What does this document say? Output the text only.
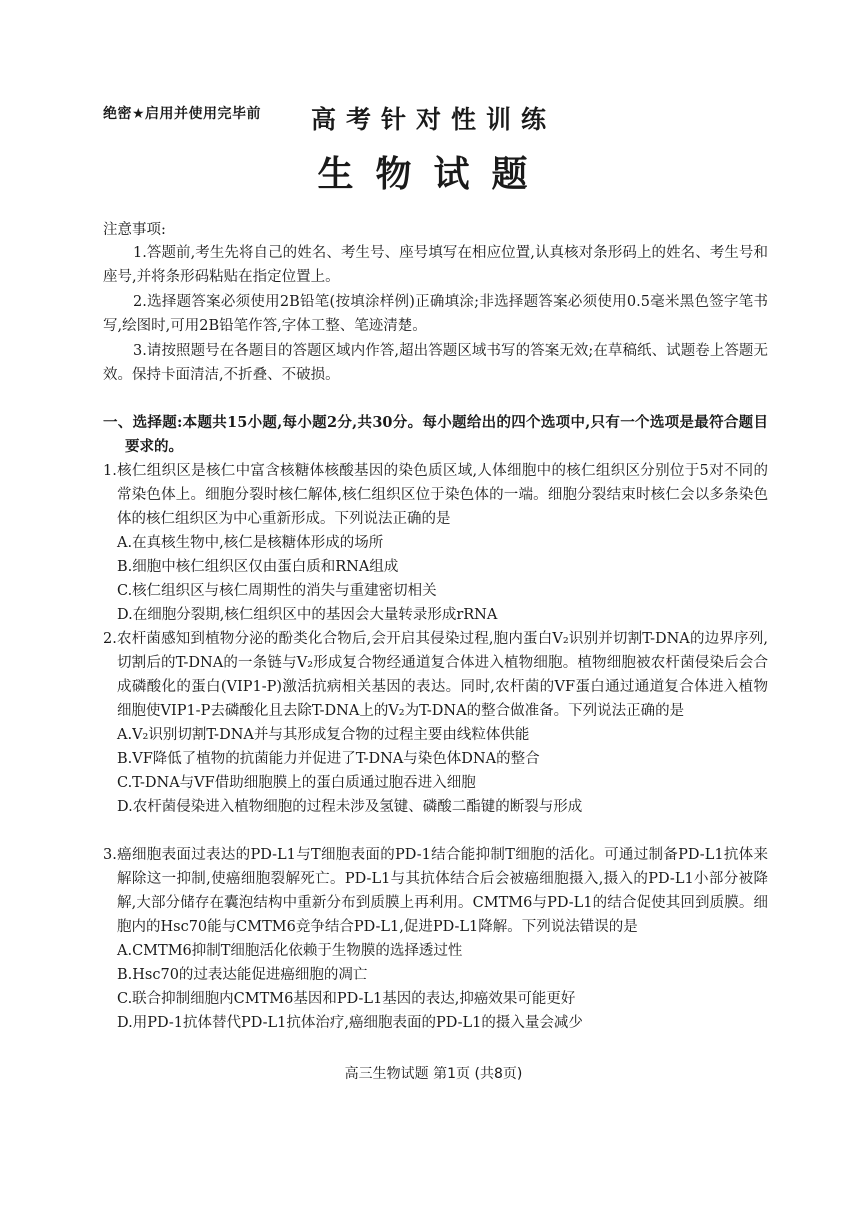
绝密★启用并使用完毕前	高考针对性训练
生物试题
注意事项:
1.答题前,考生先将自己的姓名、考生号、座号填写在相应位置,认真核对条形码上的姓名、考生号和座号,并将条形码粘贴在指定位置上。
2.选择题答案必须使用2B铅笔(按填涂样例)正确填涂;非选择题答案必须使用0.5毫米黑色签字笔书写,绘图时,可用2B铅笔作答,字体工整、笔迹清楚。
3.请按照题号在各题目的答题区域内作答,超出答题区域书写的答案无效;在草稿纸、试题卷上答题无效。保持卡面清洁,不折叠、不破损。
一、选择题:本题共15小题,每小题2分,共30分。每小题给出的四个选项中,只有一个选项是最符合题目要求的。
1.核仁组织区是核仁中富含核糖体核酸基因的染色质区域,人体细胞中的核仁组织区分别位于5对不同的常染色体上。细胞分裂时核仁解体,核仁组织区位于染色体的一端。细胞分裂结束时核仁会以多条染色体的核仁组织区为中心重新形成。下列说法正确的是
A.在真核生物中,核仁是核糖体形成的场所
B.细胞中核仁组织区仅由蛋白质和RNA组成
C.核仁组织区与核仁周期性的消失与重建密切相关
D.在细胞分裂期,核仁组织区中的基因会大量转录形成rRNA
2.农杆菌感知到植物分泌的酚类化合物后,会开启其侵染过程,胞内蛋白V₂识别并切割T-DNA的边界序列,切割后的T-DNA的一条链与V₂形成复合物经通道复合体进入植物细胞。植物细胞被农杆菌侵染后会合成磷酸化的蛋白(VIP1-P)激活抗病相关基因的表达。同时,农杆菌的VF蛋白通过通道复合体进入植物细胞使VIP1-P去磷酸化且去除T-DNA上的V₂为T-DNA的整合做准备。下列说法正确的是
A.V₂识别切割T-DNA并与其形成复合物的过程主要由线粒体供能
B.VF降低了植物的抗菌能力并促进了T-DNA与染色体DNA的整合
C.T-DNA与VF借助细胞膜上的蛋白质通过胞吞进入细胞
D.农杆菌侵染进入植物细胞的过程未涉及氢键、磷酸二酯键的断裂与形成
3.癌细胞表面过表达的PD-L1与T细胞表面的PD-1结合能抑制T细胞的活化。可通过制备PD-L1抗体来解除这一抑制,使癌细胞裂解死亡。PD-L1与其抗体结合后会被癌细胞摄入,摄入的PD-L1小部分被降解,大部分储存在囊泡结构中重新分布到质膜上再利用。CMTM6与PD-L1的结合促使其回到质膜。细胞内的Hsc70能与CMTM6竞争结合PD-L1,促进PD-L1降解。下列说法错误的是
A.CMTM6抑制T细胞活化依赖于生物膜的选择透过性
B.Hsc70的过表达能促进癌细胞的凋亡
C.联合抑制细胞内CMTM6基因和PD-L1基因的表达,抑癌效果可能更好
D.用PD-1抗体替代PD-L1抗体治疗,癌细胞表面的PD-L1的摄入量会减少
高三生物试题 第1页 (共8页)
